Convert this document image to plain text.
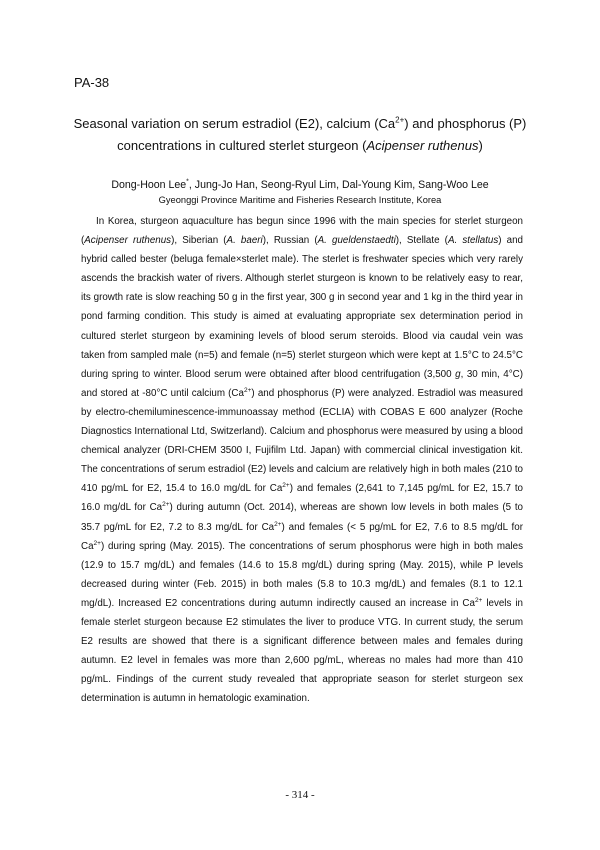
PA-38
Seasonal variation on serum estradiol (E2), calcium $(Ca^{2+})$ and phosphorus (P)
concentrations in cultured sterlet sturgeon (Acipenser ruthenus)
Dong-Hoon Lee*, Jung-Jo Han, Seong-Ryul Lim, Dal-Young Kim, Sang-Woo Lee
Gyeonggi Province Maritime and Fisheries Research Institute, Korea

In Korea, sturgeon aquaculture has begun since 1996 with the main species for sterlet sturgeon (Acipenser ruthenus), Siberian (A. baeri), Russian (A. gueldenstaedti), Stellate (A. stellatus) and hybrid called bester (beluga female×sterlet male). The sterlet is freshwater species which very rarely ascends the brackish water of rivers. Although sterlet sturgeon is known to be relatively easy to rear, its growth rate is slow reaching 50 g in the first year, 300 g in second year and 1 kg in the third year in pond farming condition. This study is aimed at evaluating appropriate sex determination period in cultured sterlet sturgeon by examining levels of blood serum steroids. Blood via caudal vein was taken from sampled male (n=5) and female (n=5) sterlet sturgeon which were kept at 1.5°C to 24.5°C during spring to winter. Blood serum were obtained after blood centrifugation (3,500 g, 30 min, 4°C) and stored at -80°C until calcium $(Ca^{2+})$ and phosphorus (P) were analyzed. Estradiol was measured by electro-chemiluminescence-immunoassay method (ECLIA) with COBAS E 600 analyzer (Roche Diagnostics International Ltd, Switzerland). Calcium and phosphorus were measured by using a blood chemical analyzer (DRI-CHEM 3500 I, Fujifilm Ltd. Japan) with commercial clinical investigation kit. The concentrations of serum estradiol (E2) levels and calcium are relatively high in both males (210 to 410 pg/mL for E2, 15.4 to 16.0 mg/dL for $Ca^{2+}$) and females (2,641 to 7,145 pg/mL for E2, 15.7 to 16.0 mg/dL for $Ca^{2+}$) during autumn (Oct. 2014), whereas are shown low levels in both males (5 to 35.7 pg/mL for E2, 7.2 to 8.3 mg/dL for $Ca^{2+}$) and females (< 5 pg/mL for E2, 7.6 to 8.5 mg/dL for $Ca^{2+}$) during spring (May. 2015). The concentrations of serum phosphorus were high in both males (12.9 to 15.7 mg/dL) and females (14.6 to 15.8 mg/dL) during spring (May. 2015), while P levels decreased during winter (Feb. 2015) in both males (5.8 to 10.3 mg/dL) and females (8.1 to 12.1 mg/dL). Increased E2 concentrations during autumn indirectly caused an increase in $Ca^{2+}$ levels in female sterlet sturgeon because E2 stimulates the liver to produce VTG. In current study, the serum E2 results are showed that there is a significant difference between males and females during autumn. E2 level in females was more than 2,600 pg/mL, whereas no males had more than 410 pg/mL. Findings of the current study revealed that appropriate season for sterlet sturgeon sex determination is autumn in hematologic examination.

- 314 -
